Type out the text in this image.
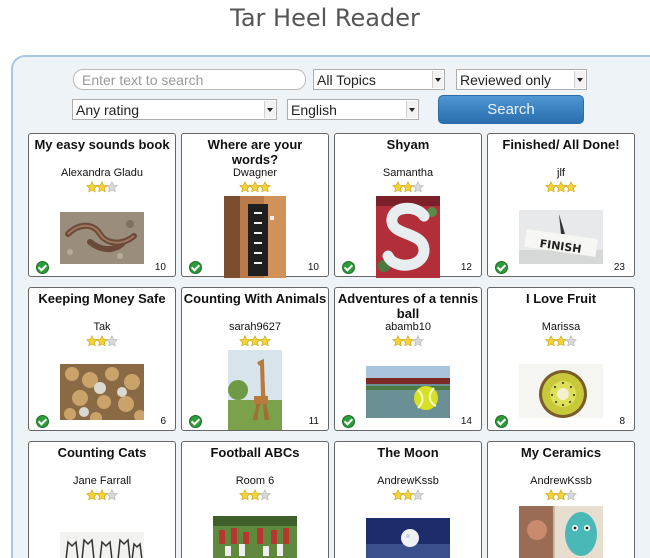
Tar Heel Reader
Enter text to search
All Topics	Reviewed only
Any rating	English	Search
My easy sounds book
Alexandra Gladu
10
Where are your words?
Dwagner
10
Shyam
Samantha
12
Finished/ All Done!
jlf
FINISH
23
Keeping Money Safe
Tak
6
Counting With Animals
sarah9627
11
Adventures of a tennis ball
abamb10
14
I Love Fruit
Marissa
8
Counting Cats
Jane Farrall
Football ABCs
Room 6
The Moon
AndrewKssb
My Ceramics
AndrewKssb
